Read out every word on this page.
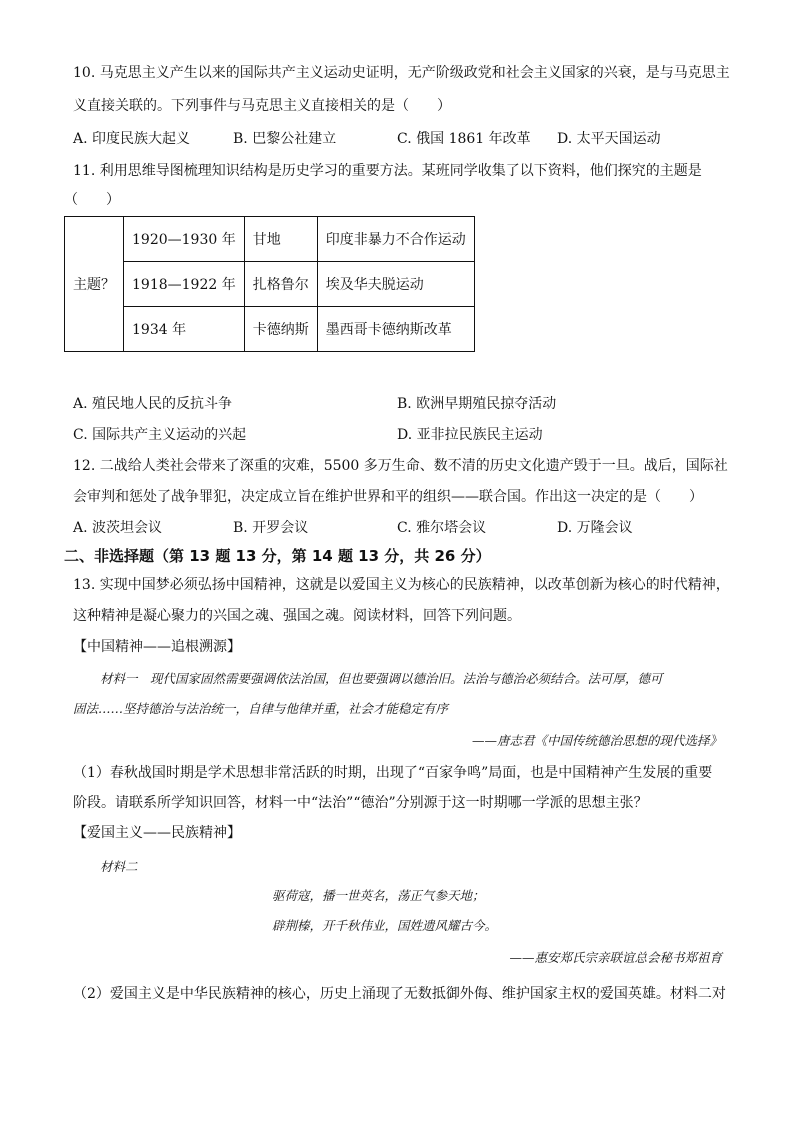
10. 马克思主义产生以来的国际共产主义运动史证明，无产阶级政党和社会主义国家的兴衰，是与马克思主
义直接关联的。下列事件与马克思主义直接相关的是（　　）
A. 印度民族大起义	B. 巴黎公社建立	C. 俄国 1861 年改革 D. 太平天国运动
11. 利用思维导图梳理知识结构是历史学习的重要方法。某班同学收集了以下资料，他们探究的主题是
（　　）
主题？	1920—1930 年	甘地	印度非暴力不合作运动
	1918—1922 年	扎格鲁尔	埃及华夫脱运动
	1934 年	卡德纳斯	墨西哥卡德纳斯改革
A. 殖民地人民的反抗斗争	B. 欧洲早期殖民掠夺活动
C. 国际共产主义运动的兴起	D. 亚非拉民族民主运动
12. 二战给人类社会带来了深重的灾难，5500 多万生命、数不清的历史文化遗产毁于一旦。战后，国际社
会审判和惩处了战争罪犯，决定成立旨在维护世界和平的组织——联合国。作出这一决定的是（　　）
A. 波茨坦会议	B. 开罗会议	C. 雅尔塔会议	D. 万隆会议
二、非选择题（第 13 题 13 分，第 14 题 13 分，共 26 分）
13. 实现中国梦必须弘扬中国精神，这就是以爱国主义为核心的民族精神，以改革创新为核心的时代精神，
这种精神是凝心聚力的兴国之魂、强国之魂。阅读材料，回答下列问题。
【中国精神——追根溯源】
材料一　现代国家固然需要强调依法治国，但也要强调以德治旧。法治与德治必须结合。法可厚，德可
固法……坚持德治与法治统一，自律与他律并重，社会才能稳定有序
——唐志君《中国传统德治思想的现代选择》
（1）春秋战国时期是学术思想非常活跃的时期，出现了“百家争鸣”局面，也是中国精神产生发展的重要
阶段。请联系所学知识回答，材料一中“法治”“德治”分别源于这一时期哪一学派的思想主张？
【爱国主义——民族精神】
材料二
驱荷寇，播一世英名，荡正气参天地；
辟荆榛，开千秋伟业，国姓遗风耀古今。
——惠安郑氏宗亲联谊总会秘书郑祖育
（2）爱国主义是中华民族精神的核心，历史上涌现了无数抵御外侮、维护国家主权的爱国英雄。材料二对
